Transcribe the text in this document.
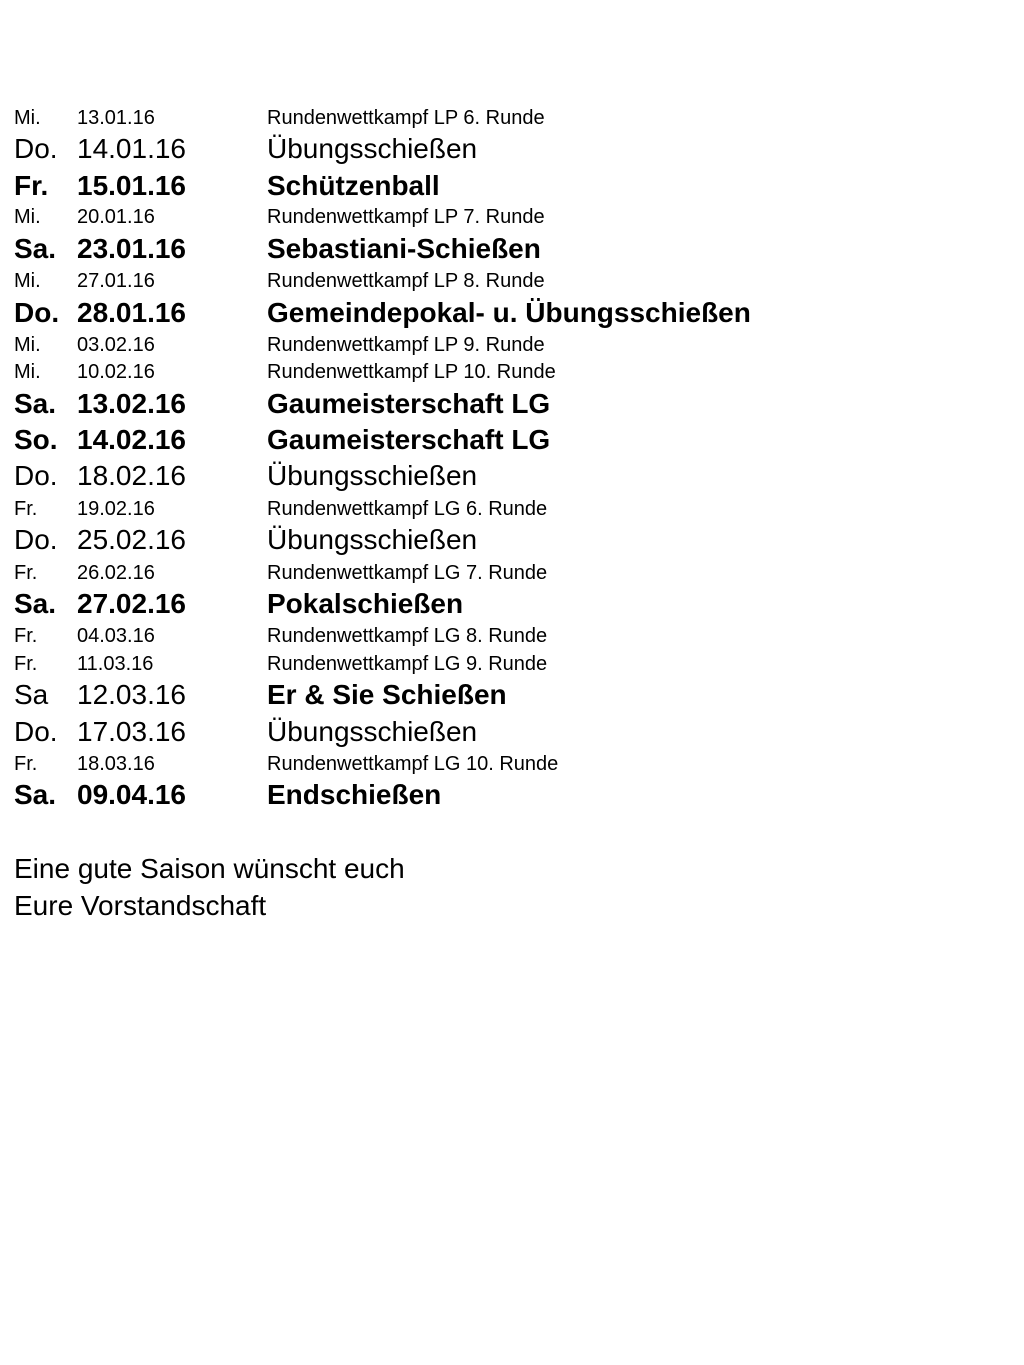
Mi. 13.01.16	Rundenwettkampf LP 6. Runde
Do. 14.01.16	Übungsschießen
Fr. 15.01.16	Schützenball
Mi. 20.01.16	Rundenwettkampf LP 7. Runde
Sa. 23.01.16	Sebastiani-Schießen
Mi. 27.01.16	Rundenwettkampf LP 8. Runde
Do. 28.01.16	Gemeindepokal- u. Übungsschießen
Mi. 03.02.16	Rundenwettkampf LP 9. Runde
Mi. 10.02.16	Rundenwettkampf LP 10. Runde
Sa. 13.02.16	Gaumeisterschaft LG
So. 14.02.16	Gaumeisterschaft LG
Do. 18.02.16	Übungsschießen
Fr. 19.02.16	Rundenwettkampf LG 6. Runde
Do. 25.02.16	Übungsschießen
Fr. 26.02.16	Rundenwettkampf LG 7. Runde
Sa. 27.02.16	Pokalschießen
Fr. 04.03.16	Rundenwettkampf LG 8. Runde
Fr. 11.03.16	Rundenwettkampf LG 9. Runde
Sa 12.03.16	Er & Sie Schießen
Do. 17.03.16	Übungsschießen
Fr. 18.03.16	Rundenwettkampf LG 10. Runde
Sa. 09.04.16	Endschießen
Eine gute Saison wünscht euch
Eure Vorstandschaft
